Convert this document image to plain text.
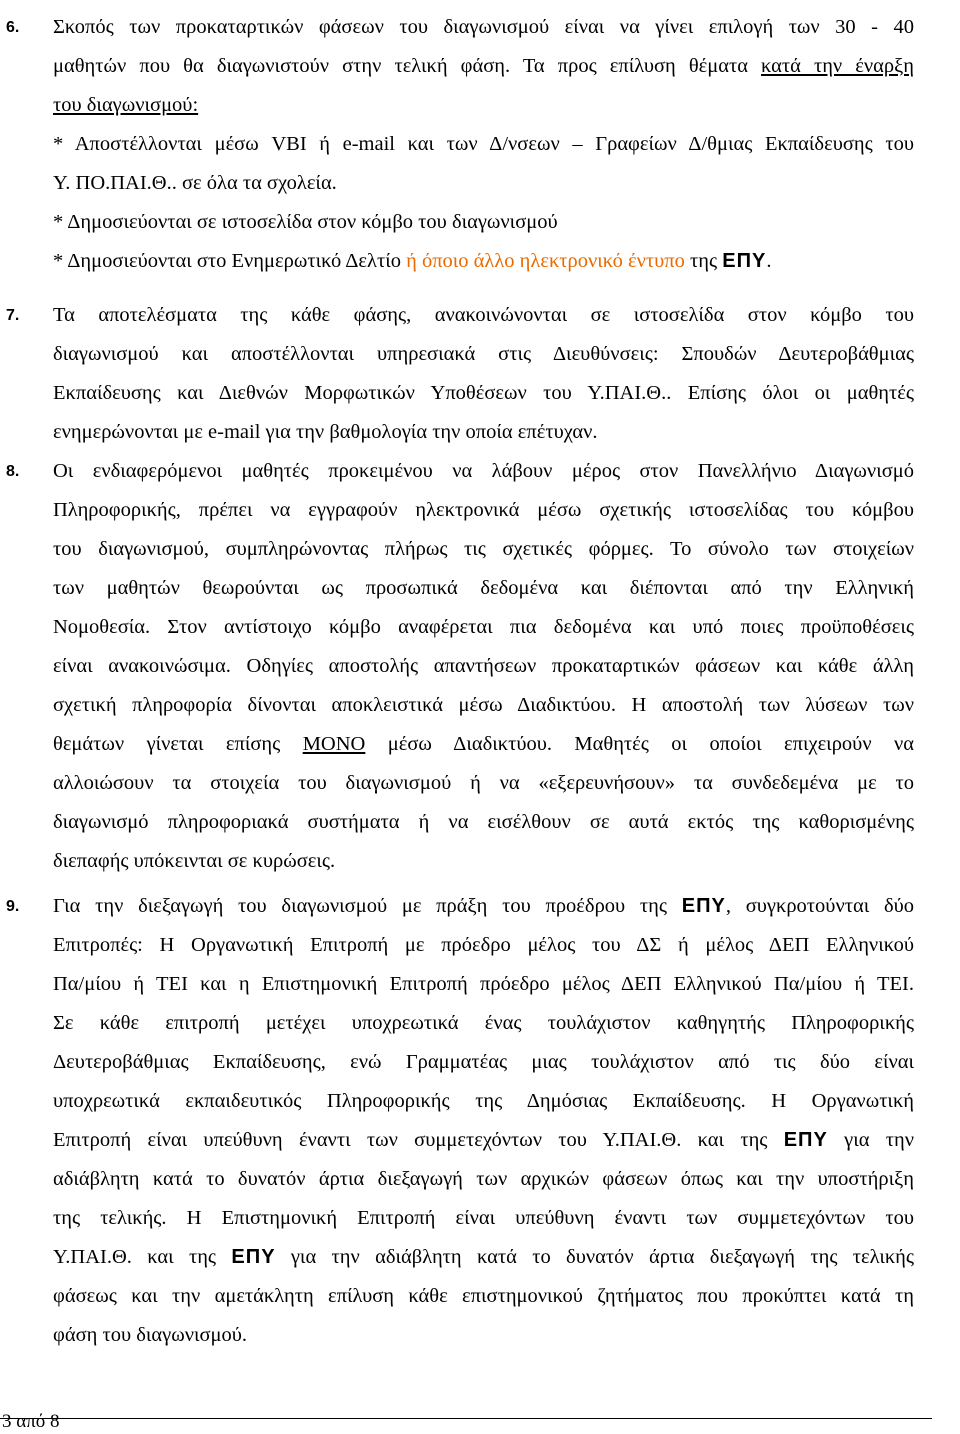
6. Σκοπός των προκαταρτικών φάσεων του διαγωνισμού είναι να γίνει επιλογή των 30 - 40
μαθητών που θα διαγωνιστούν στην τελική φάση. Τα προς επίλυση θέματα κατά την έναρξη
του διαγωνισμού:
* Αποστέλλονται μέσω VBI ή e-mail και των Δ/νσεων – Γραφείων Δ/θμιας Εκπαίδευσης του
Υ. ΠΟ.ΠΑΙ.Θ.. σε όλα τα σχολεία.
* Δημοσιεύονται σε ιστοσελίδα στον κόμβο του διαγωνισμού
* Δημοσιεύονται στο Ενημερωτικό Δελτίο ή όποιο άλλο ηλεκτρονικό έντυπο της ΕΠΥ.
7. Τα αποτελέσματα της κάθε φάσης, ανακοινώνονται σε ιστοσελίδα στον κόμβο του
διαγωνισμού και αποστέλλονται υπηρεσιακά στις Διευθύνσεις: Σπουδών Δευτεροβάθμιας
Εκπαίδευσης και Διεθνών Μορφωτικών Υποθέσεων του Υ.ΠΑΙ.Θ.. Επίσης όλοι οι μαθητές
ενημερώνονται με e-mail για την βαθμολογία την οποία επέτυχαν.
8. Οι ενδιαφερόμενοι μαθητές προκειμένου να λάβουν μέρος στον Πανελλήνιο Διαγωνισμό
Πληροφορικής, πρέπει να εγγραφούν ηλεκτρονικά μέσω σχετικής ιστοσελίδας του κόμβου
του διαγωνισμού, συμπληρώνοντας πλήρως τις σχετικές φόρμες. Το σύνολο των στοιχείων
των μαθητών θεωρούνται ως προσωπικά δεδομένα και διέπονται από την Ελληνική
Νομοθεσία. Στον αντίστοιχο κόμβο αναφέρεται πια δεδομένα και υπό ποιες προϋποθέσεις
είναι ανακοινώσιμα. Οδηγίες αποστολής απαντήσεων προκαταρτικών φάσεων και κάθε άλλη
σχετική πληροφορία δίνονται αποκλειστικά μέσω Διαδικτύου. Η αποστολή των λύσεων των
θεμάτων γίνεται επίσης ΜΟΝΟ μέσω Διαδικτύου. Μαθητές οι οποίοι επιχειρούν να
αλλοιώσουν τα στοιχεία του διαγωνισμού ή να «εξερευνήσουν» τα συνδεδεμένα με το
διαγωνισμό πληροφοριακά συστήματα ή να εισέλθουν σε αυτά εκτός της καθορισμένης
διεπαφής υπόκεινται σε κυρώσεις.
9. Για την διεξαγωγή του διαγωνισμού με πράξη του προέδρου της ΕΠΥ, συγκροτούνται δύο
Επιτροπές: Η Οργανωτική Επιτροπή με πρόεδρο μέλος του ΔΣ ή μέλος ΔΕΠ Ελληνικού
Πα/μίου ή ΤΕΙ και η Επιστημονική Επιτροπή πρόεδρο μέλος ΔΕΠ Ελληνικού Πα/μίου ή ΤΕΙ.
Σε κάθε επιτροπή μετέχει υποχρεωτικά ένας τουλάχιστον καθηγητής Πληροφορικής
Δευτεροβάθμιας Εκπαίδευσης, ενώ Γραμματέας μιας τουλάχιστον από τις δύο είναι
υποχρεωτικά εκπαιδευτικός Πληροφορικής της Δημόσιας Εκπαίδευσης. Η Οργανωτική
Επιτροπή είναι υπεύθυνη έναντι των συμμετεχόντων του Υ.ΠΑΙ.Θ. και της ΕΠΥ για την
αδιάβλητη κατά το δυνατόν άρτια διεξαγωγή των αρχικών φάσεων όπως και την υποστήριξη
της τελικής. Η Επιστημονική Επιτροπή είναι υπεύθυνη έναντι των συμμετεχόντων του
Υ.ΠΑΙ.Θ. και της ΕΠΥ για την αδιάβλητη κατά το δυνατόν άρτια διεξαγωγή της τελικής
φάσεως και την αμετάκλητη επίλυση κάθε επιστημονικού ζητήματος που προκύπτει κατά τη
φάση του διαγωνισμού.
3 από 8
